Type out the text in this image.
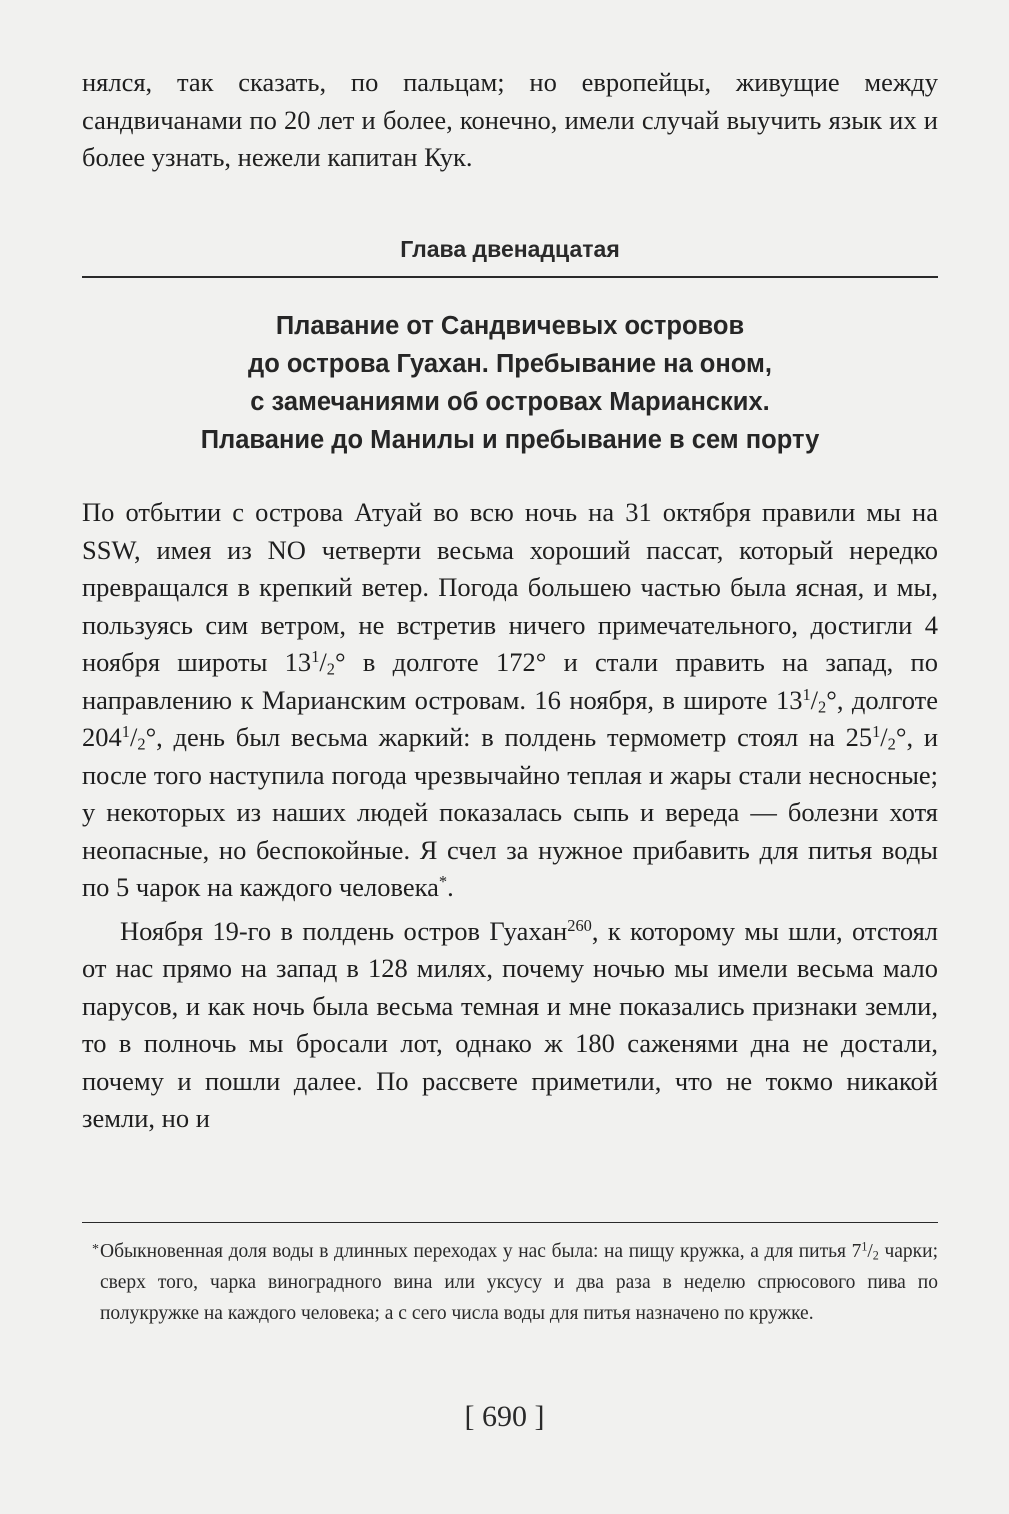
нялся, так сказать, по пальцам; но европейцы, живущие между сандвичанами по 20 лет и более, конечно, имели случай выучить язык их и более узнать, нежели капитан Кук.

Глава двенадцатая
Плавание от Сандвичевых островов
до острова Гуахан. Пребывание на оном,
с замечаниями об островах Марианских.
Плавание до Манилы и пребывание в сем порту

По отбытии с острова Атуай во всю ночь на 31 октября правили мы на SSW, имея из NO четверти весьма хороший пассат, который нередко превращался в крепкий ветер. Погода большею частью была ясная, и мы, пользуясь сим ветром, не встретив ничего примечательного, достигли 4 ноября широты $13^1/_2^\circ$ в долготе 172° и стали править на запад, по направлению к Марианским островам. 16 ноября, в широте $13^1/_2^\circ$, долготе $204^1/_2^\circ$, день был весьма жаркий: в полдень термометр стоял на $25^1/_2^\circ$, и после того наступила погода чрезвычайно теплая и жары стали несносные; у некоторых из наших людей показалась сыпь и вереда — болезни хотя неопасные, но беспокойные. Я счел за нужное прибавить для питья воды по 5 чарок на каждого человека*.

Ноября 19-го в полдень остров Гуахан$^{260}$, к которому мы шли, отстоял от нас прямо на запад в 128 милях, почему ночью мы имели весьма мало парусов, и как ночь была весьма темная и мне показались признаки земли, то в полночь мы бросали лот, однако ж 180 саженями дна не достали, почему и пошли далее. По рассвете приметили, что не токмо никакой земли, но и

* Обыкновенная доля воды в длинных переходах у нас была: на пищу кружка, а для питья $7^1/_2$ чарки; сверх того, чарка виноградного вина или уксусу и два раза в неделю спрюсового пива по полукружке на каждого человека; а с сего числа воды для питья назначено по кружке.

[ 690 ]
